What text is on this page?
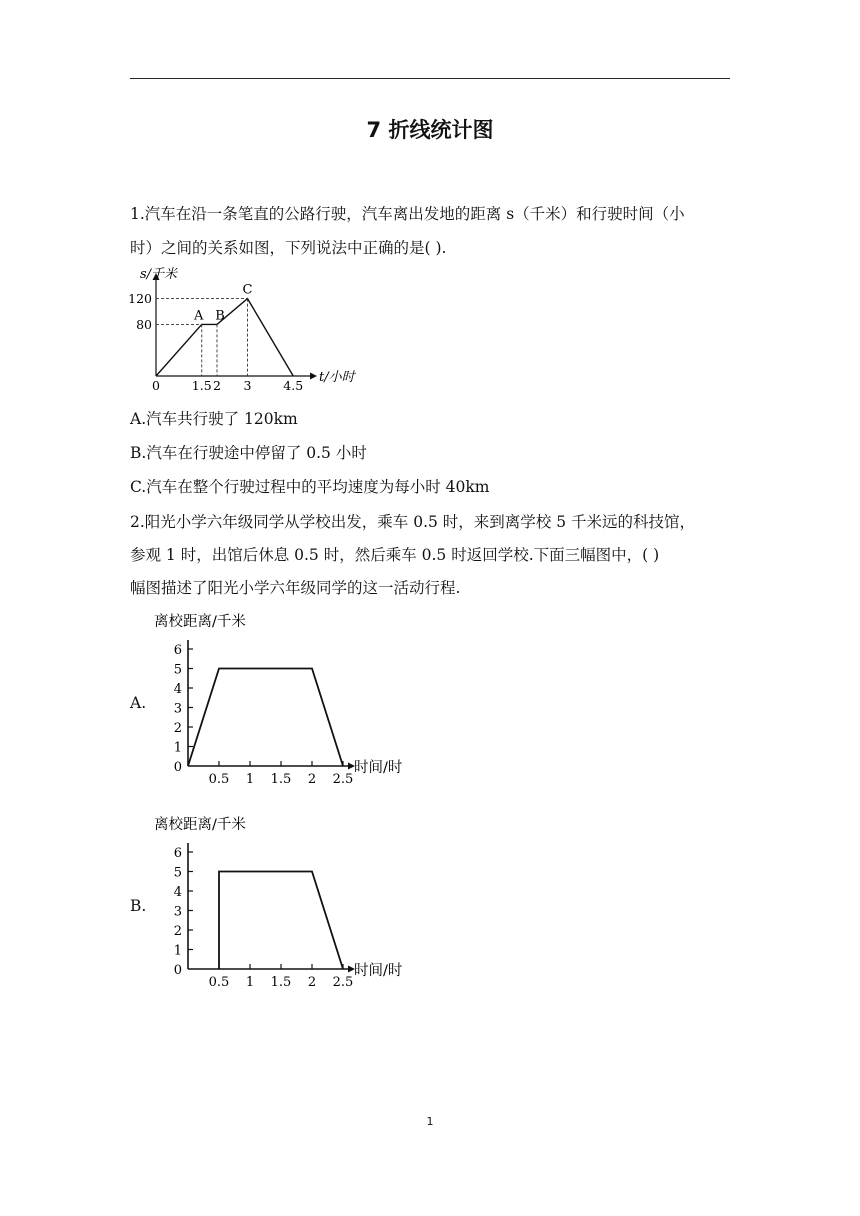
7 折线统计图
1.汽车在沿一条笔直的公路行驶，汽车离出发地的距离 s（千米）和行驶时间（小
时）之间的关系如图，下列说法中正确的是( ).
s/千米
t/小时
0
80
120
1.5 2 3	4.5
A B
C
A.汽车共行驶了 120km
B.汽车在行驶途中停留了 0.5 小时
C.汽车在整个行驶过程中的平均速度为每小时 40km
2.阳光小学六年级同学从学校出发，乘车 0.5 时，来到离学校 5 千米远的科技馆，
参观 1 时，出馆后休息 0.5 时，然后乘车 0.5 时返回学校.下面三幅图中，( )
幅图描述了阳光小学六年级同学的这一活动行程.
A.
离校距离/千米
时间/时
0
1
2
3
4
5
6
0.5 1 1.5 2 2.5
B.
离校距离/千米
时间/时
0
1
2
3
4
5
6
0.5 1 1.5 2 2.5
1
